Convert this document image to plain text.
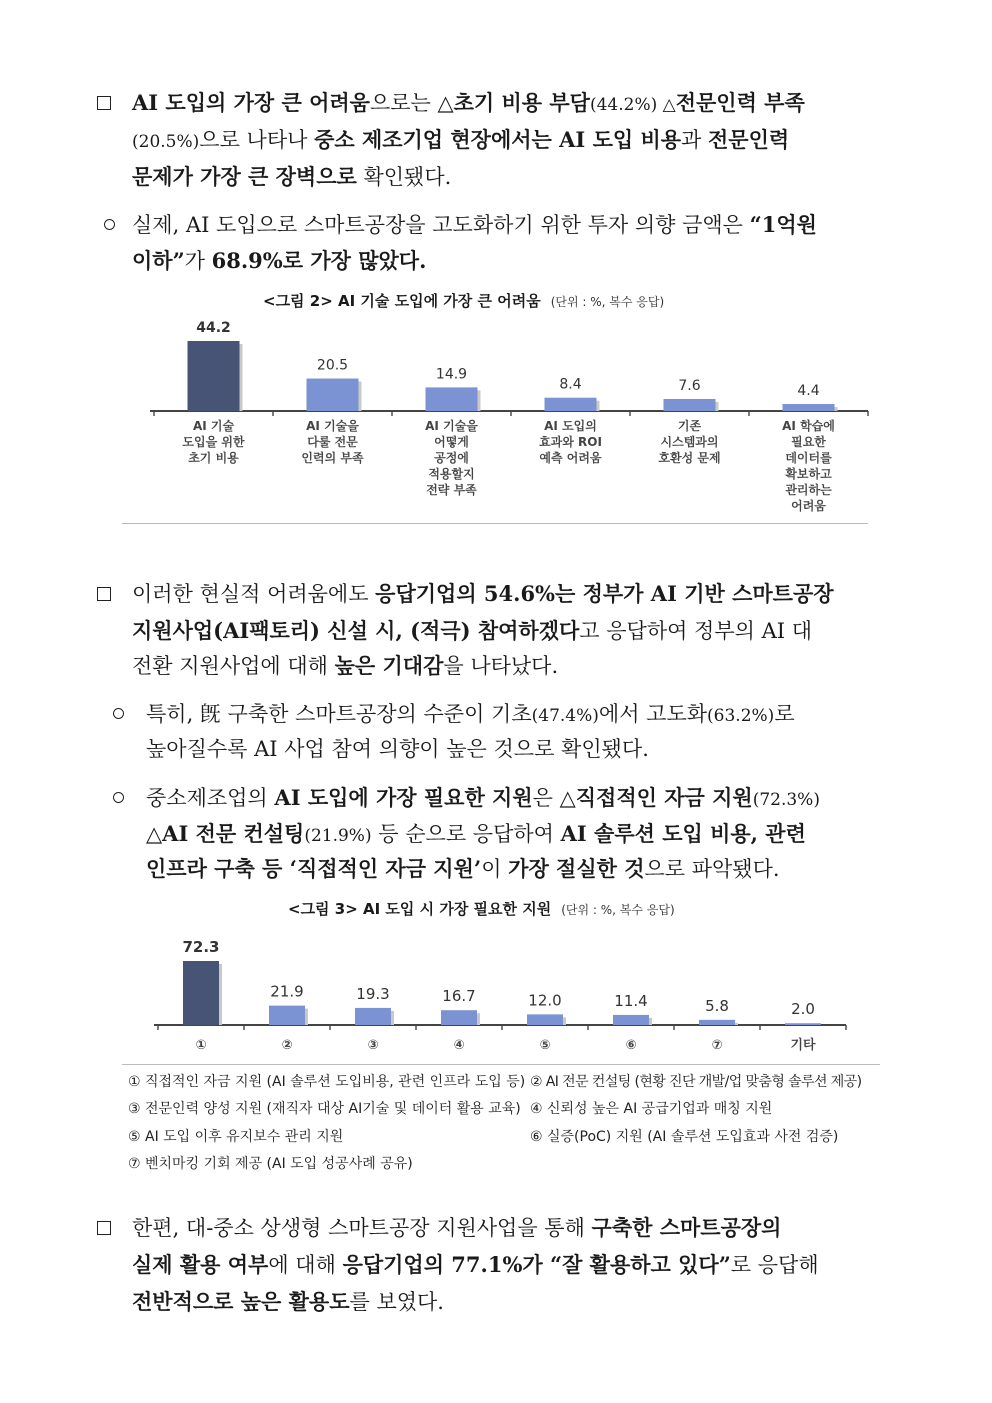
AI 도입의 가장 큰 어려움으로는 △초기 비용 부담(44.2%) △전문인력 부족
(20.5%)으로 나타나 중소 제조기업 현장에서는 AI 도입 비용과 전문인력
문제가 가장 큰 장벽으로 확인됐다.
실제, AI 도입으로 스마트공장을 고도화하기 위한 투자 의향 금액은 “1억원
이하”가 68.9%로 가장 많았다.
<그림 2> AI 기술 도입에 가장 큰 어려움 (단위 : %, 복수 응답)
44.2
AI 기술
도입을 위한
초기 비용
20.5
AI 기술을
다룰 전문
인력의 부족
14.9
AI 기술을
어떻게
공정에
적용할지
전략 부족
8.4
AI 도입의
효과와 ROI
예측 어려움
7.6
기존
시스템과의
호환성 문제
4.4
AI 학습에
필요한
데이터를
확보하고
관리하는
어려움
이러한 현실적 어려움에도 응답기업의 54.6%는 정부가 AI 기반 스마트공장
지원사업(AI팩토리) 신설 시, (적극) 참여하겠다고 응답하여 정부의 AI 대
전환 지원사업에 대해 높은 기대감을 나타났다.
특히, 旣 구축한 스마트공장의 수준이 기초(47.4%)에서 고도화(63.2%)로
높아질수록 AI 사업 참여 의향이 높은 것으로 확인됐다.
중소제조업의 AI 도입에 가장 필요한 지원은 △직접적인 자금 지원(72.3%)
△AI 전문 컨설팅(21.9%) 등 순으로 응답하여 AI 솔루션 도입 비용, 관련
인프라 구축 등 ‘직접적인 자금 지원’이 가장 절실한 것으로 파악됐다.
<그림 3> AI 도입 시 가장 필요한 지원 (단위 : %, 복수 응답)
72.3
①
21.9
②
19.3
③
16.7
④
12.0
⑤
11.4
⑥
5.8
⑦
2.0
기타
① 직접적인 자금 지원 (AI 솔루션 도입비용, 관련 인프라 도입 등) ② AI 전문 컨설팅 (현황 진단 개발/업 맞춤형 솔루션 제공)
③ 전문인력 양성 지원 (재직자 대상 AI기술 및 데이터 활용 교육) ④ 신뢰성 높은 AI 공급기업과 매칭 지원
⑤ AI 도입 이후 유지보수 관리 지원	⑥ 실증(PoC) 지원 (AI 솔루션 도입효과 사전 검증)
⑦ 벤치마킹 기회 제공 (AI 도입 성공사례 공유)
한편, 대-중소 상생형 스마트공장 지원사업을 통해 구축한 스마트공장의
실제 활용 여부에 대해 응답기업의 77.1%가 “잘 활용하고 있다”로 응답해
전반적으로 높은 활용도를 보였다.
